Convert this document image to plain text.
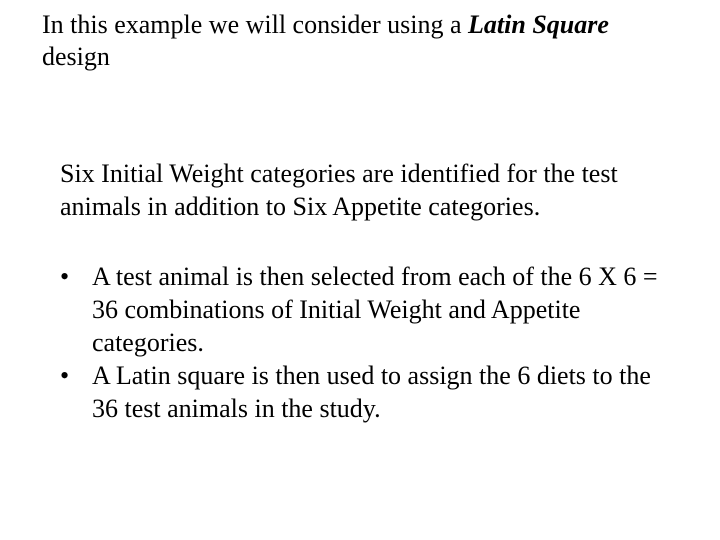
In this example we will consider using a Latin Square design

Six Initial Weight categories are identified for the test animals in addition to Six Appetite categories.

• A test animal is then selected from each of the 6 X 6 = 36 combinations of Initial Weight and Appetite categories.
• A Latin square is then used to assign the 6 diets to the 36 test animals in the study.
